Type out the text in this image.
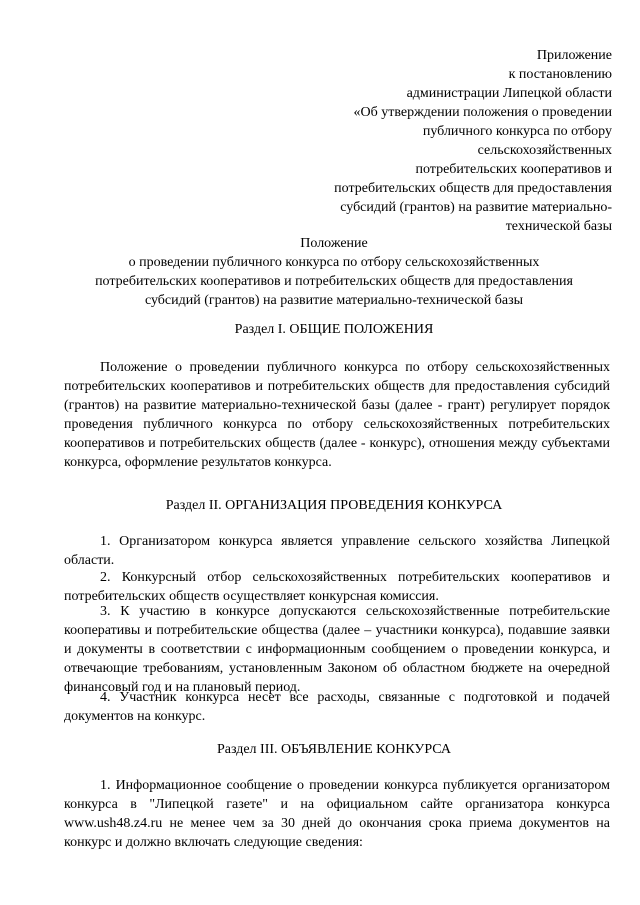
Приложение
к постановлению
администрации Липецкой области
«Об утверждении положения о проведении
публичного конкурса по отбору
сельскохозяйственных
потребительских кооперативов и
потребительских обществ для предоставления
субсидий (грантов) на развитие материально-
технической базы
Положение
о проведении публичного конкурса по отбору сельскохозяйственных
потребительских кооперативов и потребительских обществ для предоставления
субсидий (грантов) на развитие материально-технической базы
Раздел I. ОБЩИЕ ПОЛОЖЕНИЯ

Положение о проведении публичного конкурса по отбору сельскохозяйственных потребительских кооперативов и потребительских обществ для предоставления субсидий (грантов) на развитие материально-технической базы (далее - грант) регулирует порядок проведения публичного конкурса по отбору сельскохозяйственных потребительских кооперативов и потребительских обществ (далее - конкурс), отношения между субъектами конкурса, оформление результатов конкурса.

Раздел II. ОРГАНИЗАЦИЯ ПРОВЕДЕНИЯ КОНКУРСА

1. Организатором конкурса является управление сельского хозяйства Липецкой области.

2. Конкурсный отбор сельскохозяйственных потребительских кооперативов и потребительских обществ осуществляет конкурсная комиссия.

3. К участию в конкурсе допускаются сельскохозяйственные потребительские кооперативы и потребительские общества (далее – участники конкурса), подавшие заявки и документы в соответствии с информационным сообщением о проведении конкурса, и отвечающие требованиям, установленным Законом об областном бюджете на очередной финансовый год и на плановый период.

4. Участник конкурса несет все расходы, связанные с подготовкой и подачей документов на конкурс.

Раздел III. ОБЪЯВЛЕНИЕ КОНКУРСА

1. Информационное сообщение о проведении конкурса публикуется организатором конкурса в "Липецкой газете" и на официальном сайте организатора конкурса www.ush48.z4.ru не менее чем за 30 дней до окончания срока приема документов на конкурс и должно включать следующие сведения:
